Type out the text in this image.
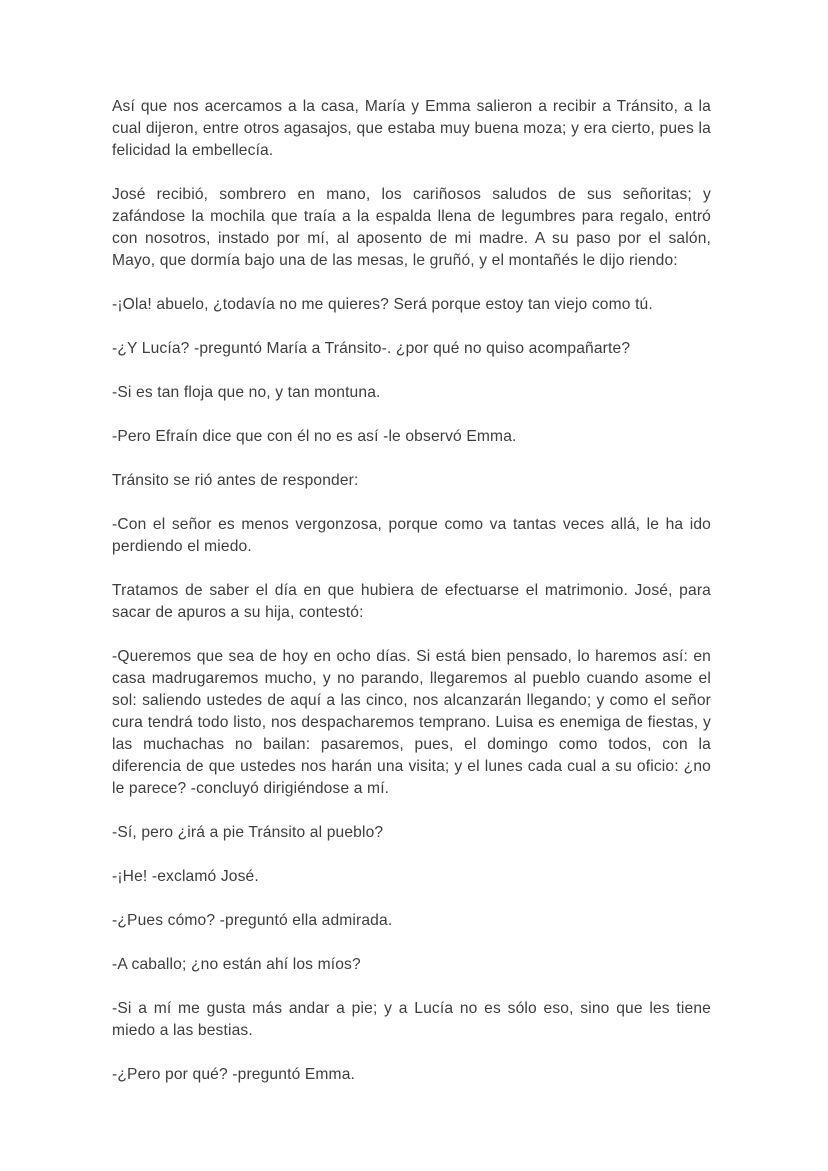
Así que nos acercamos a la casa, María y Emma salieron a recibir a Tránsito, a la cual dijeron, entre otros agasajos, que estaba muy buena moza; y era cierto, pues la felicidad la embellecía.

José recibió, sombrero en mano, los cariñosos saludos de sus señoritas; y zafándose la mochila que traía a la espalda llena de legumbres para regalo, entró con nosotros, instado por mí, al aposento de mi madre. A su paso por el salón, Mayo, que dormía bajo una de las mesas, le gruñó, y el montañés le dijo riendo:

-¡Ola! abuelo, ¿todavía no me quieres? Será porque estoy tan viejo como tú.

-¿Y Lucía? -preguntó María a Tránsito-. ¿por qué no quiso acompañarte?

-Si es tan floja que no, y tan montuna.

-Pero Efraín dice que con él no es así -le observó Emma.

Tránsito se rió antes de responder:

-Con el señor es menos vergonzosa, porque como va tantas veces allá, le ha ido perdiendo el miedo.

Tratamos de saber el día en que hubiera de efectuarse el matrimonio. José, para sacar de apuros a su hija, contestó:

-Queremos que sea de hoy en ocho días. Si está bien pensado, lo haremos así: en casa madrugaremos mucho, y no parando, llegaremos al pueblo cuando asome el sol: saliendo ustedes de aquí a las cinco, nos alcanzarán llegando; y como el señor cura tendrá todo listo, nos despacharemos temprano. Luisa es enemiga de fiestas, y las muchachas no bailan: pasaremos, pues, el domingo como todos, con la diferencia de que ustedes nos harán una visita; y el lunes cada cual a su oficio: ¿no le parece? -concluyó dirigiéndose a mí.

-Sí, pero ¿irá a pie Tránsito al pueblo?

-¡He! -exclamó José.

-¿Pues cómo? -preguntó ella admirada.

-A caballo; ¿no están ahí los míos?

-Si a mí me gusta más andar a pie; y a Lucía no es sólo eso, sino que les tiene miedo a las bestias.

-¿Pero por qué? -preguntó Emma.
